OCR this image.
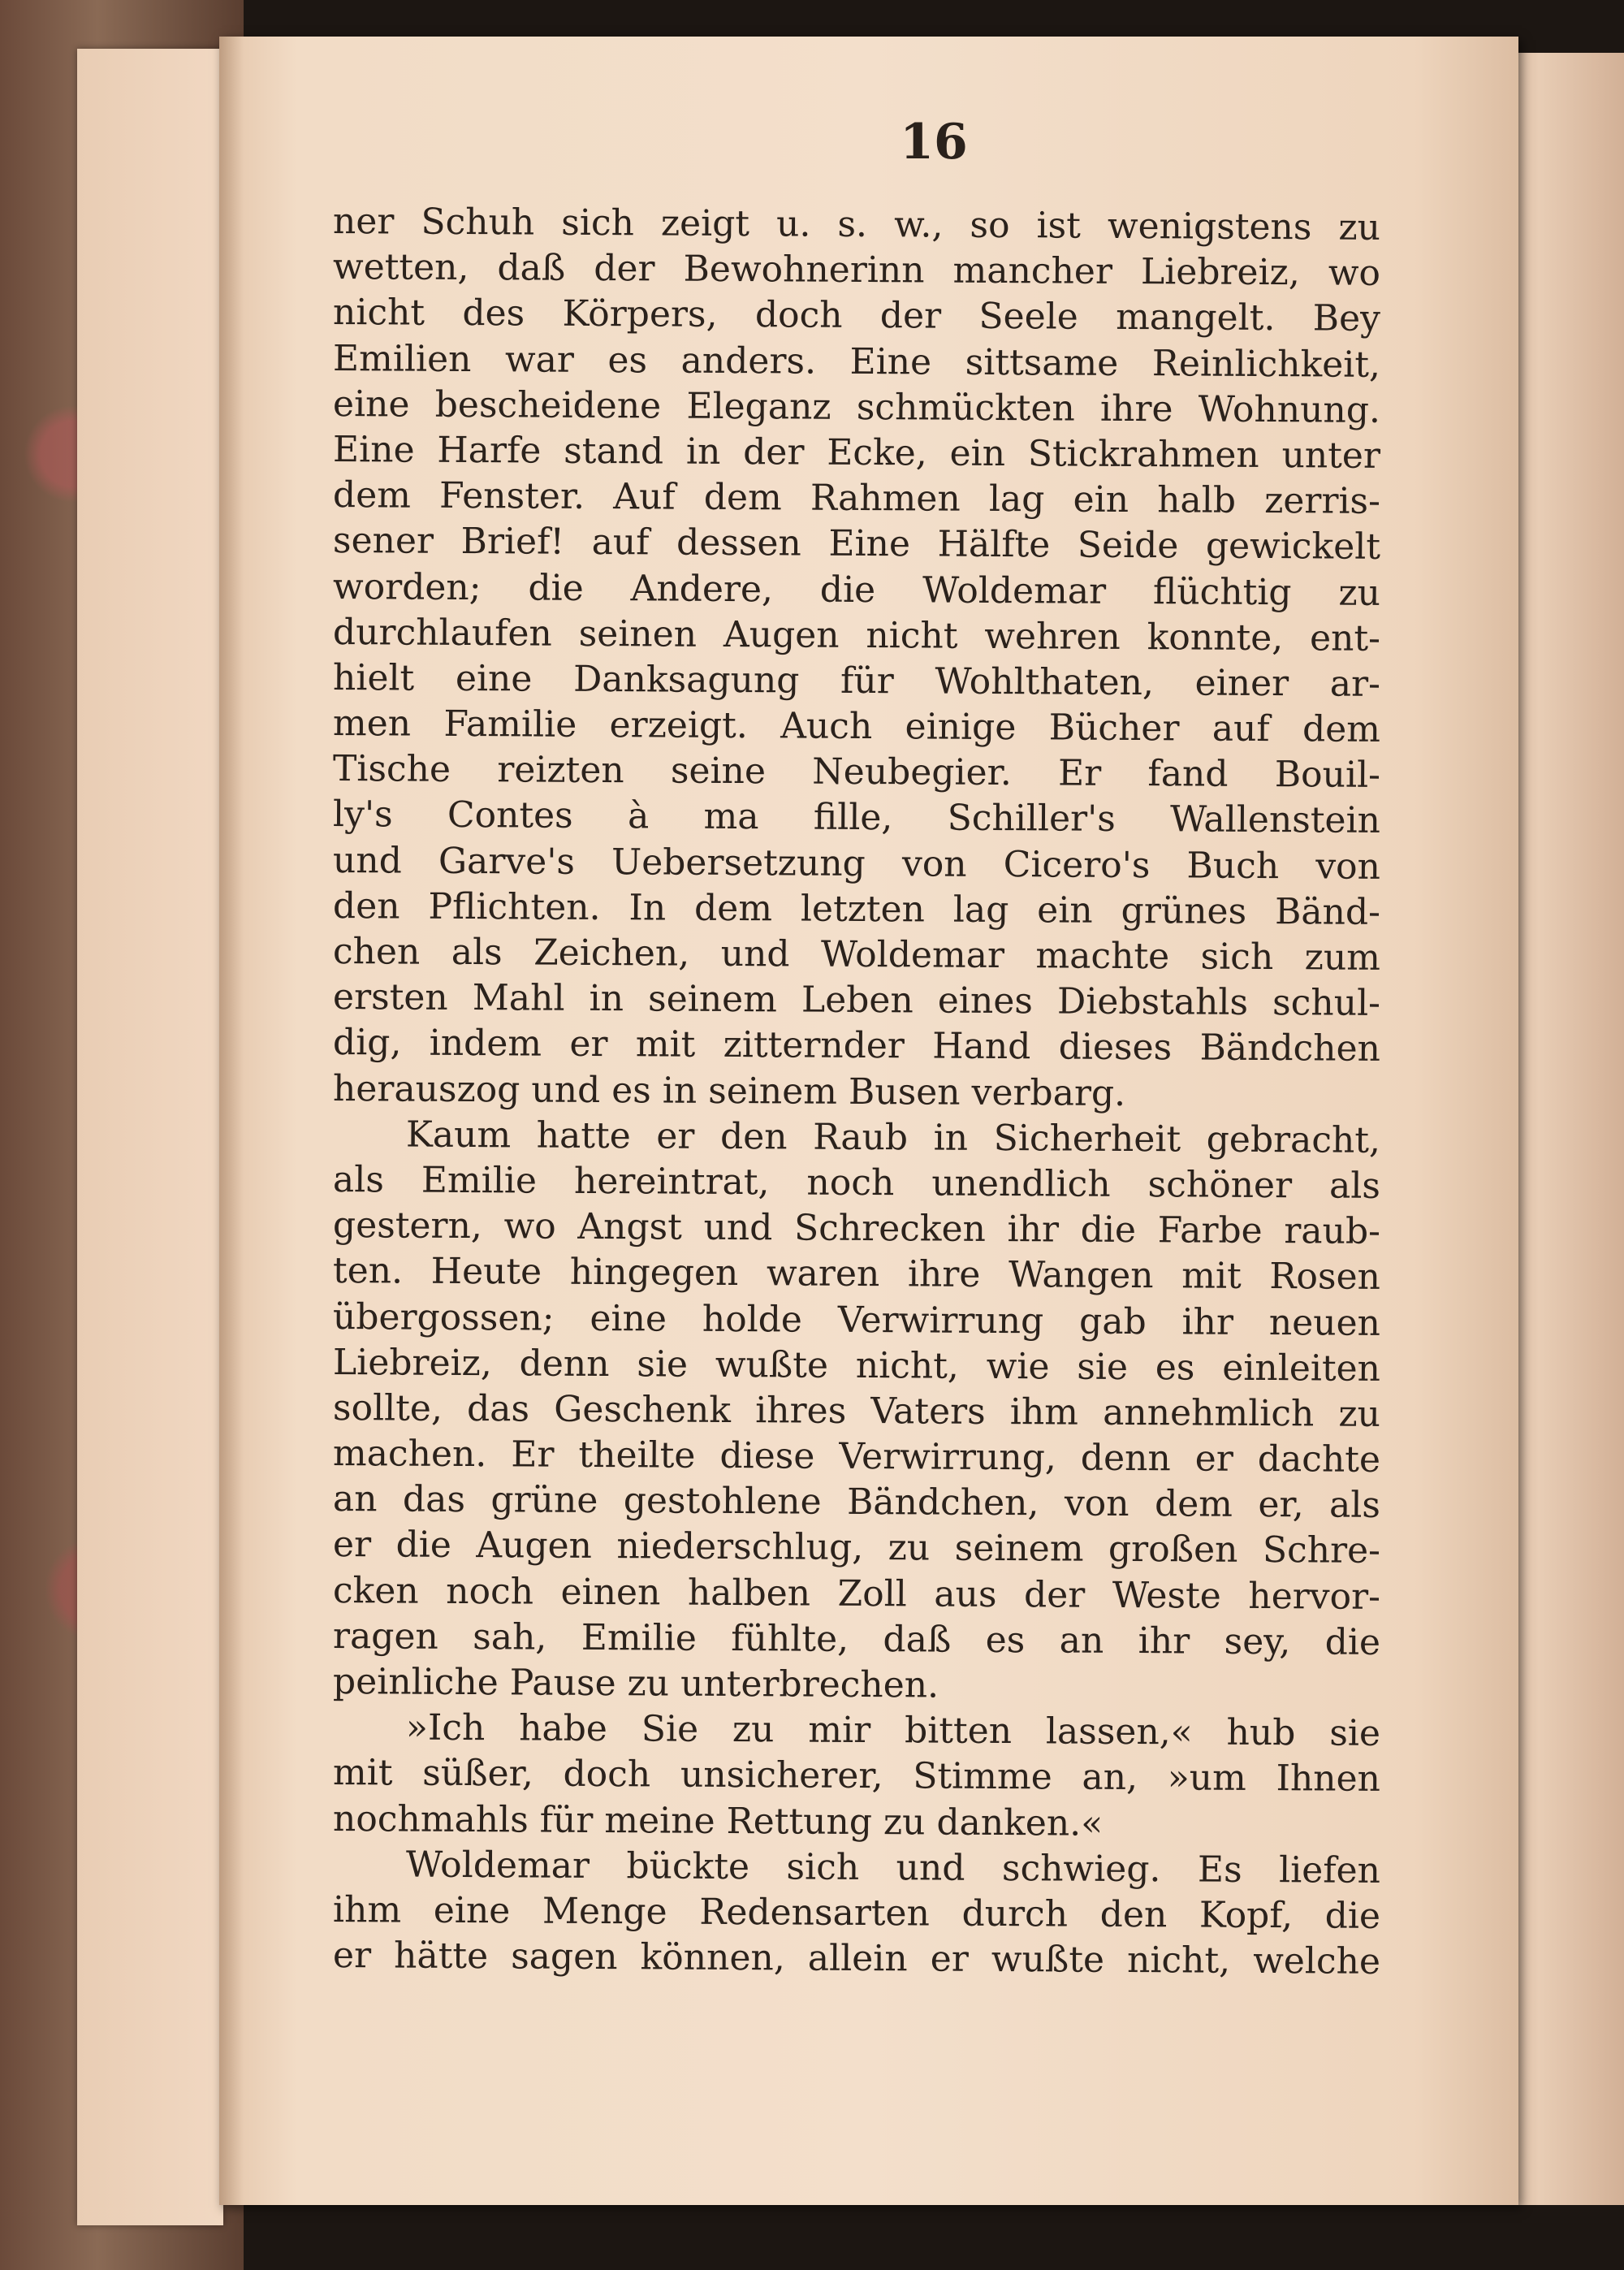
16
ner Schuh sich zeigt u. s. w., so ist wenigstens zu
wetten, daß der Bewohnerinn mancher Liebreiz, wo
nicht des Körpers, doch der Seele mangelt. Bey
Emilien war es anders. Eine sittsame Reinlichkeit,
eine bescheidene Eleganz schmückten ihre Wohnung.
Eine Harfe stand in der Ecke, ein Stickrahmen unter
dem Fenster. Auf dem Rahmen lag ein halb zerris-
sener Brief! auf dessen Eine Hälfte Seide gewickelt
worden; die Andere, die Woldemar flüchtig zu
durchlaufen seinen Augen nicht wehren konnte, ent-
hielt eine Danksagung für Wohlthaten, einer ar-
men Familie erzeigt. Auch einige Bücher auf dem
Tische reizten seine Neubegier. Er fand Bouil-
ly's Contes à ma fille, Schiller's Wallenstein
und Garve's Uebersetzung von Cicero's Buch von
den Pflichten. In dem letzten lag ein grünes Bänd-
chen als Zeichen, und Woldemar machte sich zum
ersten Mahl in seinem Leben eines Diebstahls schul-
dig, indem er mit zitternder Hand dieses Bändchen
herauszog und es in seinem Busen verbarg.
Kaum hatte er den Raub in Sicherheit gebracht,
als Emilie hereintrat, noch unendlich schöner als
gestern, wo Angst und Schrecken ihr die Farbe raub-
ten. Heute hingegen waren ihre Wangen mit Rosen
übergossen; eine holde Verwirrung gab ihr neuen
Liebreiz, denn sie wußte nicht, wie sie es einleiten
sollte, das Geschenk ihres Vaters ihm annehmlich zu
machen. Er theilte diese Verwirrung, denn er dachte
an das grüne gestohlene Bändchen, von dem er, als
er die Augen niederschlug, zu seinem großen Schre-
cken noch einen halben Zoll aus der Weste hervor-
ragen sah, Emilie fühlte, daß es an ihr sey, die
peinliche Pause zu unterbrechen.
»Ich habe Sie zu mir bitten lassen,« hub sie
mit süßer, doch unsicherer, Stimme an, »um Ihnen
nochmahls für meine Rettung zu danken.«
Woldemar bückte sich und schwieg. Es liefen
ihm eine Menge Redensarten durch den Kopf, die
er hätte sagen können, allein er wußte nicht, welche
